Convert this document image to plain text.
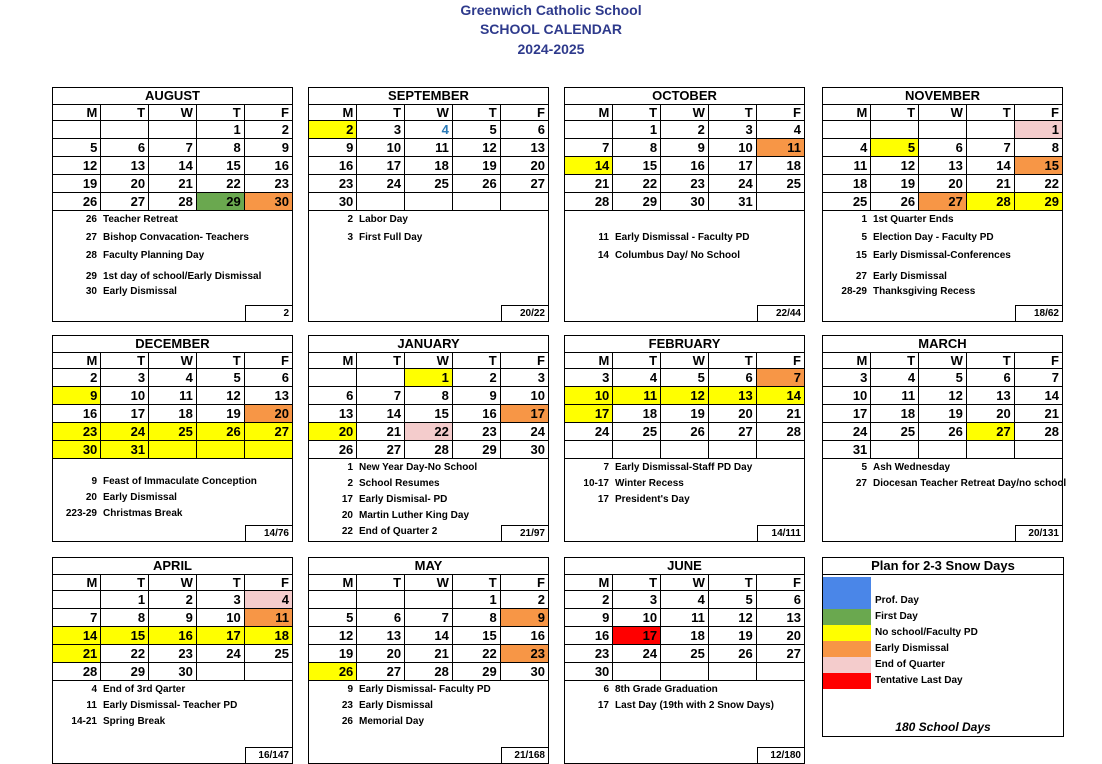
Greenwich Catholic School
SCHOOL CALENDAR
2024-2025
AUGUST
M	T	W	T	F
			1	2
5	6	7	8	9
12	13	14	15	16
19	20	21	22	23
26	27	28	29	30
26 Teacher Retreat
27 Bishop Convacation- Teachers
28 Faculty Planning Day
29 1st day of school/Early Dismissal
30 Early Dismissal
2
SEPTEMBER
M	T	W	T	F
2	3	4	5	6
9	10	11	12	13
16	17	18	19	20
23	24	25	26	27
30				
2 Labor Day
3 First Full Day
20/22
OCTOBER
M	T	W	T	F
	1	2	3	4
7	8	9	10	11
14	15	16	17	18
21	22	23	24	25
28	29	30	31	
11 Early Dismissal - Faculty PD
14 Columbus Day/ No School
22/44
NOVEMBER
M	T	W	T	F
				1
4	5	6	7	8
11	12	13	14	15
18	19	20	21	22
25	26	27	28	29
1 1st Quarter Ends
5 Election Day - Faculty PD
15 Early Dismissal-Conferences
27 Early Dismissal
28-29 Thanksgiving Recess
18/62
DECEMBER
M	T	W	T	F
2	3	4	5	6
9	10	11	12	13
16	17	18	19	20
23	24	25	26	27
30	31			
9 Feast of Immaculate Conception
20 Early Dismissal
223-29 Christmas Break
14/76
JANUARY
M	T	W	T	F
		1	2	3
6	7	8	9	10
13	14	15	16	17
20	21	22	23	24
26	27	28	29	30
1 New Year Day-No School
2 School Resumes
17 Early Dismisal- PD
20 Martin Luther King Day
22 End of Quarter 2	21/97
FEBRUARY
M	T	W	T	F
3	4	5	6	7
10	11	12	13	14
17	18	19	20	21
24	25	26	27	28

7 Early Dismissal-Staff PD Day
10-17 Winter Recess
17 President's Day
14/111
MARCH
M	T	W	T	F
3	4	5	6	7
10	11	12	13	14
17	18	19	20	21
24	25	26	27	28
31				
5 Ash Wednesday
27 Diocesan Teacher Retreat Day/no school
20/131
APRIL
M	T	W	T	F
	1	2	3	4
7	8	9	10	11
14	15	16	17	18
21	22	23	24	25
28	29	30		
4 End of 3rd Qarter
11 Early Dismissal- Teacher PD
14-21 Spring Break
16/147
MAY
M	T	W	T	F
			1	2
5	6	7	8	9
12	13	14	15	16
19	20	21	22	23
26	27	28	29	30
9 Early Dismissal- Faculty PD
23 Early Dismissal
26 Memorial Day
21/168
JUNE
M	T	W	T	F
2	3	4	5	6
9	10	11	12	13
16	17	18	19	20
23	24	25	26	27
30				
6 8th Grade Graduation
17 Last Day (19th with 2 Snow Days)
12/180
Plan for 2-3 Snow Days
Prof. Day
First Day
No school/Faculty PD
Early Dismissal
End of Quarter
Tentative Last Day
180 School Days
